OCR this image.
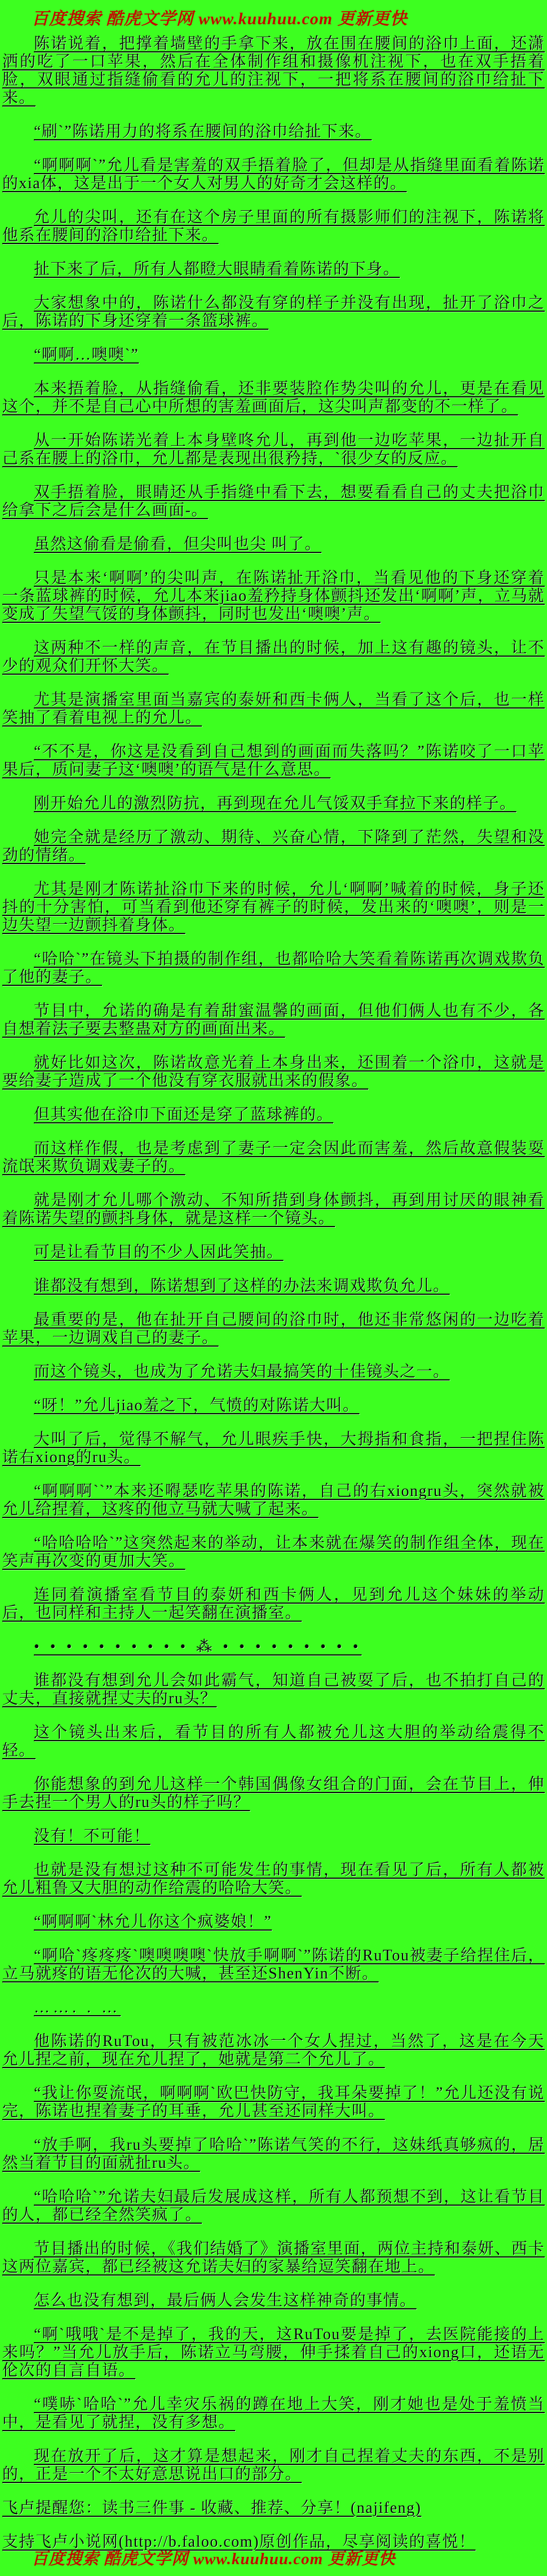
百度搜索 酷虎文学网 www.kuuhuu.com 更新更快

陈诺说着，把撑着墙壁的手拿下来，放在围在腰间的浴巾上面，还潇洒的吃了一口苹果，然后在全体制作组和摄像机注视下，也在双手捂着脸，双眼通过指缝偷看的允儿的注视下，一把将系在腰间的浴巾给扯下来。

“刷`”陈诺用力的将系在腰间的浴巾给扯下来。

“啊啊啊`”允儿看是害羞的双手捂着脸了，但却是从指缝里面看着陈诺的xia体，这是出于一个女人对男人的好奇才会这样的。

允儿的尖叫，还有在这个房子里面的所有摄影师们的注视下，陈诺将他系在腰间的浴巾给扯下来。

扯下来了后，所有人都瞪大眼睛看着陈诺的下身。

大家想象中的，陈诺什么都没有穿的样子并没有出现，扯开了浴巾之后，陈诺的下身还穿着一条篮球裤。

“啊啊…噢噢`”

本来捂着脸，从指缝偷看，还非要装腔作势尖叫的允儿，更是在看见这个，并不是自己心中所想的害羞画面后，这尖叫声都变的不一样了。

从一开始陈诺光着上本身壁咚允儿，再到他一边吃苹果，一边扯开自己系在腰上的浴巾，允儿都是表现出很矜持，`很少女的反应。

双手捂着脸，眼睛还从手指缝中看下去，想要看看自己的丈夫把浴巾给拿下之后会是什么画面-。

虽然这偷看是偷看，但尖叫也尖 叫了。

只是本来‘啊啊’的尖叫声，在陈诺扯开浴巾，当看见他的下身还穿着一条蓝球裤的时候，允儿本来jiao羞矜持身体颤抖还发出‘啊啊’声，立马就变成了失望气馁的身体颤抖，同时也发出‘噢噢’声。

这两种不一样的声音，在节目播出的时候，加上这有趣的镜头，让不少的观众们开怀大笑。

尤其是演播室里面当嘉宾的泰妍和西卡俩人，当看了这个后，也一样笑抽了看着电视上的允儿。

“不不是，你这是没看到自己想到的画面而失落吗？”陈诺咬了一口苹果后，质问妻子这‘噢噢’的语气是什么意思。

刚开始允儿的激烈防抗，再到现在允儿气馁双手耷拉下来的样子。

她完全就是经历了激动、期待、兴奋心情，下降到了茫然，失望和没劲的情绪。

尤其是刚才陈诺扯浴巾下来的时候，允儿‘啊啊’喊着的时候，身子还抖的十分害怕，可当看到他还穿有裤子的时候，发出来的‘噢噢’，则是一边失望一边颤抖着身体。

“哈哈`”在镜头下拍摄的制作组，也都哈哈大笑看着陈诺再次调戏欺负了他的妻子。

节目中，允诺的确是有着甜蜜温馨的画面，但他们俩人也有不少，各自想着法子要去整蛊对方的画面出来。

就好比如这次，陈诺故意光着上本身出来，还围着一个浴巾，这就是要给妻子造成了一个他没有穿衣服就出来的假象。

但其实他在浴巾下面还是穿了蓝球裤的。

而这样作假，也是考虑到了妻子一定会因此而害羞，然后故意假装耍流氓来欺负调戏妻子的。

就是刚才允儿哪个激动、不知所措到身体颤抖，再到用讨厌的眼神看着陈诺失望的颤抖身体，就是这样一个镜头。

可是让看节目的不少人因此笑抽。

谁都没有想到，陈诺想到了这样的办法来调戏欺负允儿。

最重要的是，他在扯开自己腰间的浴巾时，他还非常悠闲的一边吃着苹果，一边调戏自己的妻子。

而这个镜头，也成为了允诺夫妇最搞笑的十佳镜头之一。

“呀！”允儿jiao羞之下，气愤的对陈诺大叫。

大叫了后，觉得不解气，允儿眼疾手快，大拇指和食指，一把捏住陈诺右xiong的ru头。

“啊啊啊``”本来还嘚瑟吃苹果的陈诺，自己的右xiongru头，突然就被允儿给捏着，这疼的他立马就大喊了起来。

“哈哈哈哈`”这突然起来的举动，让本来就在爆笑的制作组全体，现在笑声再次变的更加大笑。

连同着演播室看节目的泰妍和西卡俩人，见到允儿这个妹妹的举动后，也同样和主持人一起笑翻在演播室。

• • • • • • • • • • ⁂ • • • • • • • • •

谁都没有想到允儿会如此霸气，知道自己被耍了后，也不拍打自己的丈夫，直接就捏丈夫的ru头？

这个镜头出来后，看节目的所有人都被允儿这大胆的举动给震得不轻。

你能想象的到允儿这样一个韩国偶像女组合的门面，会在节目上，伸手去捏一个男人的ru头的样子吗？

没有！不可能！

也就是没有想过这种不可能发生的事情，现在看见了后，所有人都被允儿粗鲁又大胆的动作给震的哈哈大笑。

“啊啊啊`林允儿你这个疯婆娘！”

“啊哈`疼疼疼`噢噢噢噢`快放手啊啊`”陈诺的RuTou被妻子给捏住后，立马就疼的语无伦次的大喊，甚至还ShenYin不断。

……. . …

他陈诺的RuTou，只有被范冰冰一个女人捏过，当然了，这是在今天允儿捏之前，现在允儿捏了，她就是第二个允儿了。

“我让你耍流氓，啊啊啊`欧巴快防守，我耳朵要掉了！”允儿还没有说完，陈诺也捏着妻子的耳垂，允儿甚至还同样大叫。

“放手啊，我ru头要掉了哈哈`”陈诺气笑的不行，这妹纸真够疯的，居然当着节目的面就扯ru头。

“哈哈哈`”允诺夫妇最后发展成这样，所有人都预想不到，这让看节目的人，都已经全然笑疯了。

节目播出的时候，《我们结婚了》演播室里面，两位主持和泰妍、西卡这两位嘉宾，都已经被这允诺夫妇的家暴给逗笑翻在地上。

怎么也没有想到，最后俩人会发生这样神奇的事情。

“啊`哦哦`是不是掉了，我的天，这RuTou要是掉了，去医院能接的上来吗？”当允儿放手后，陈诺立马弯腰，伸手揉着自己的xiong口，还语无伦次的自言自语。

“噗哧`哈哈`”允儿幸灾乐祸的蹲在地上大笑，刚才她也是处于羞愤当中，是看见了就捏，没有多想。

现在放开了后，这才算是想起来，刚才自己捏着丈夫的东西，不是别的，正是一个不太好意思说出口的部分。

飞卢提醒您：读书三件事 - 收藏、推荐、分享！(najifeng)

支持飞卢小说网(http://b.faloo.com)原创作品，尽享阅读的喜悦！

百度搜索 酷虎文学网 www.kuuhuu.com 更新更快
